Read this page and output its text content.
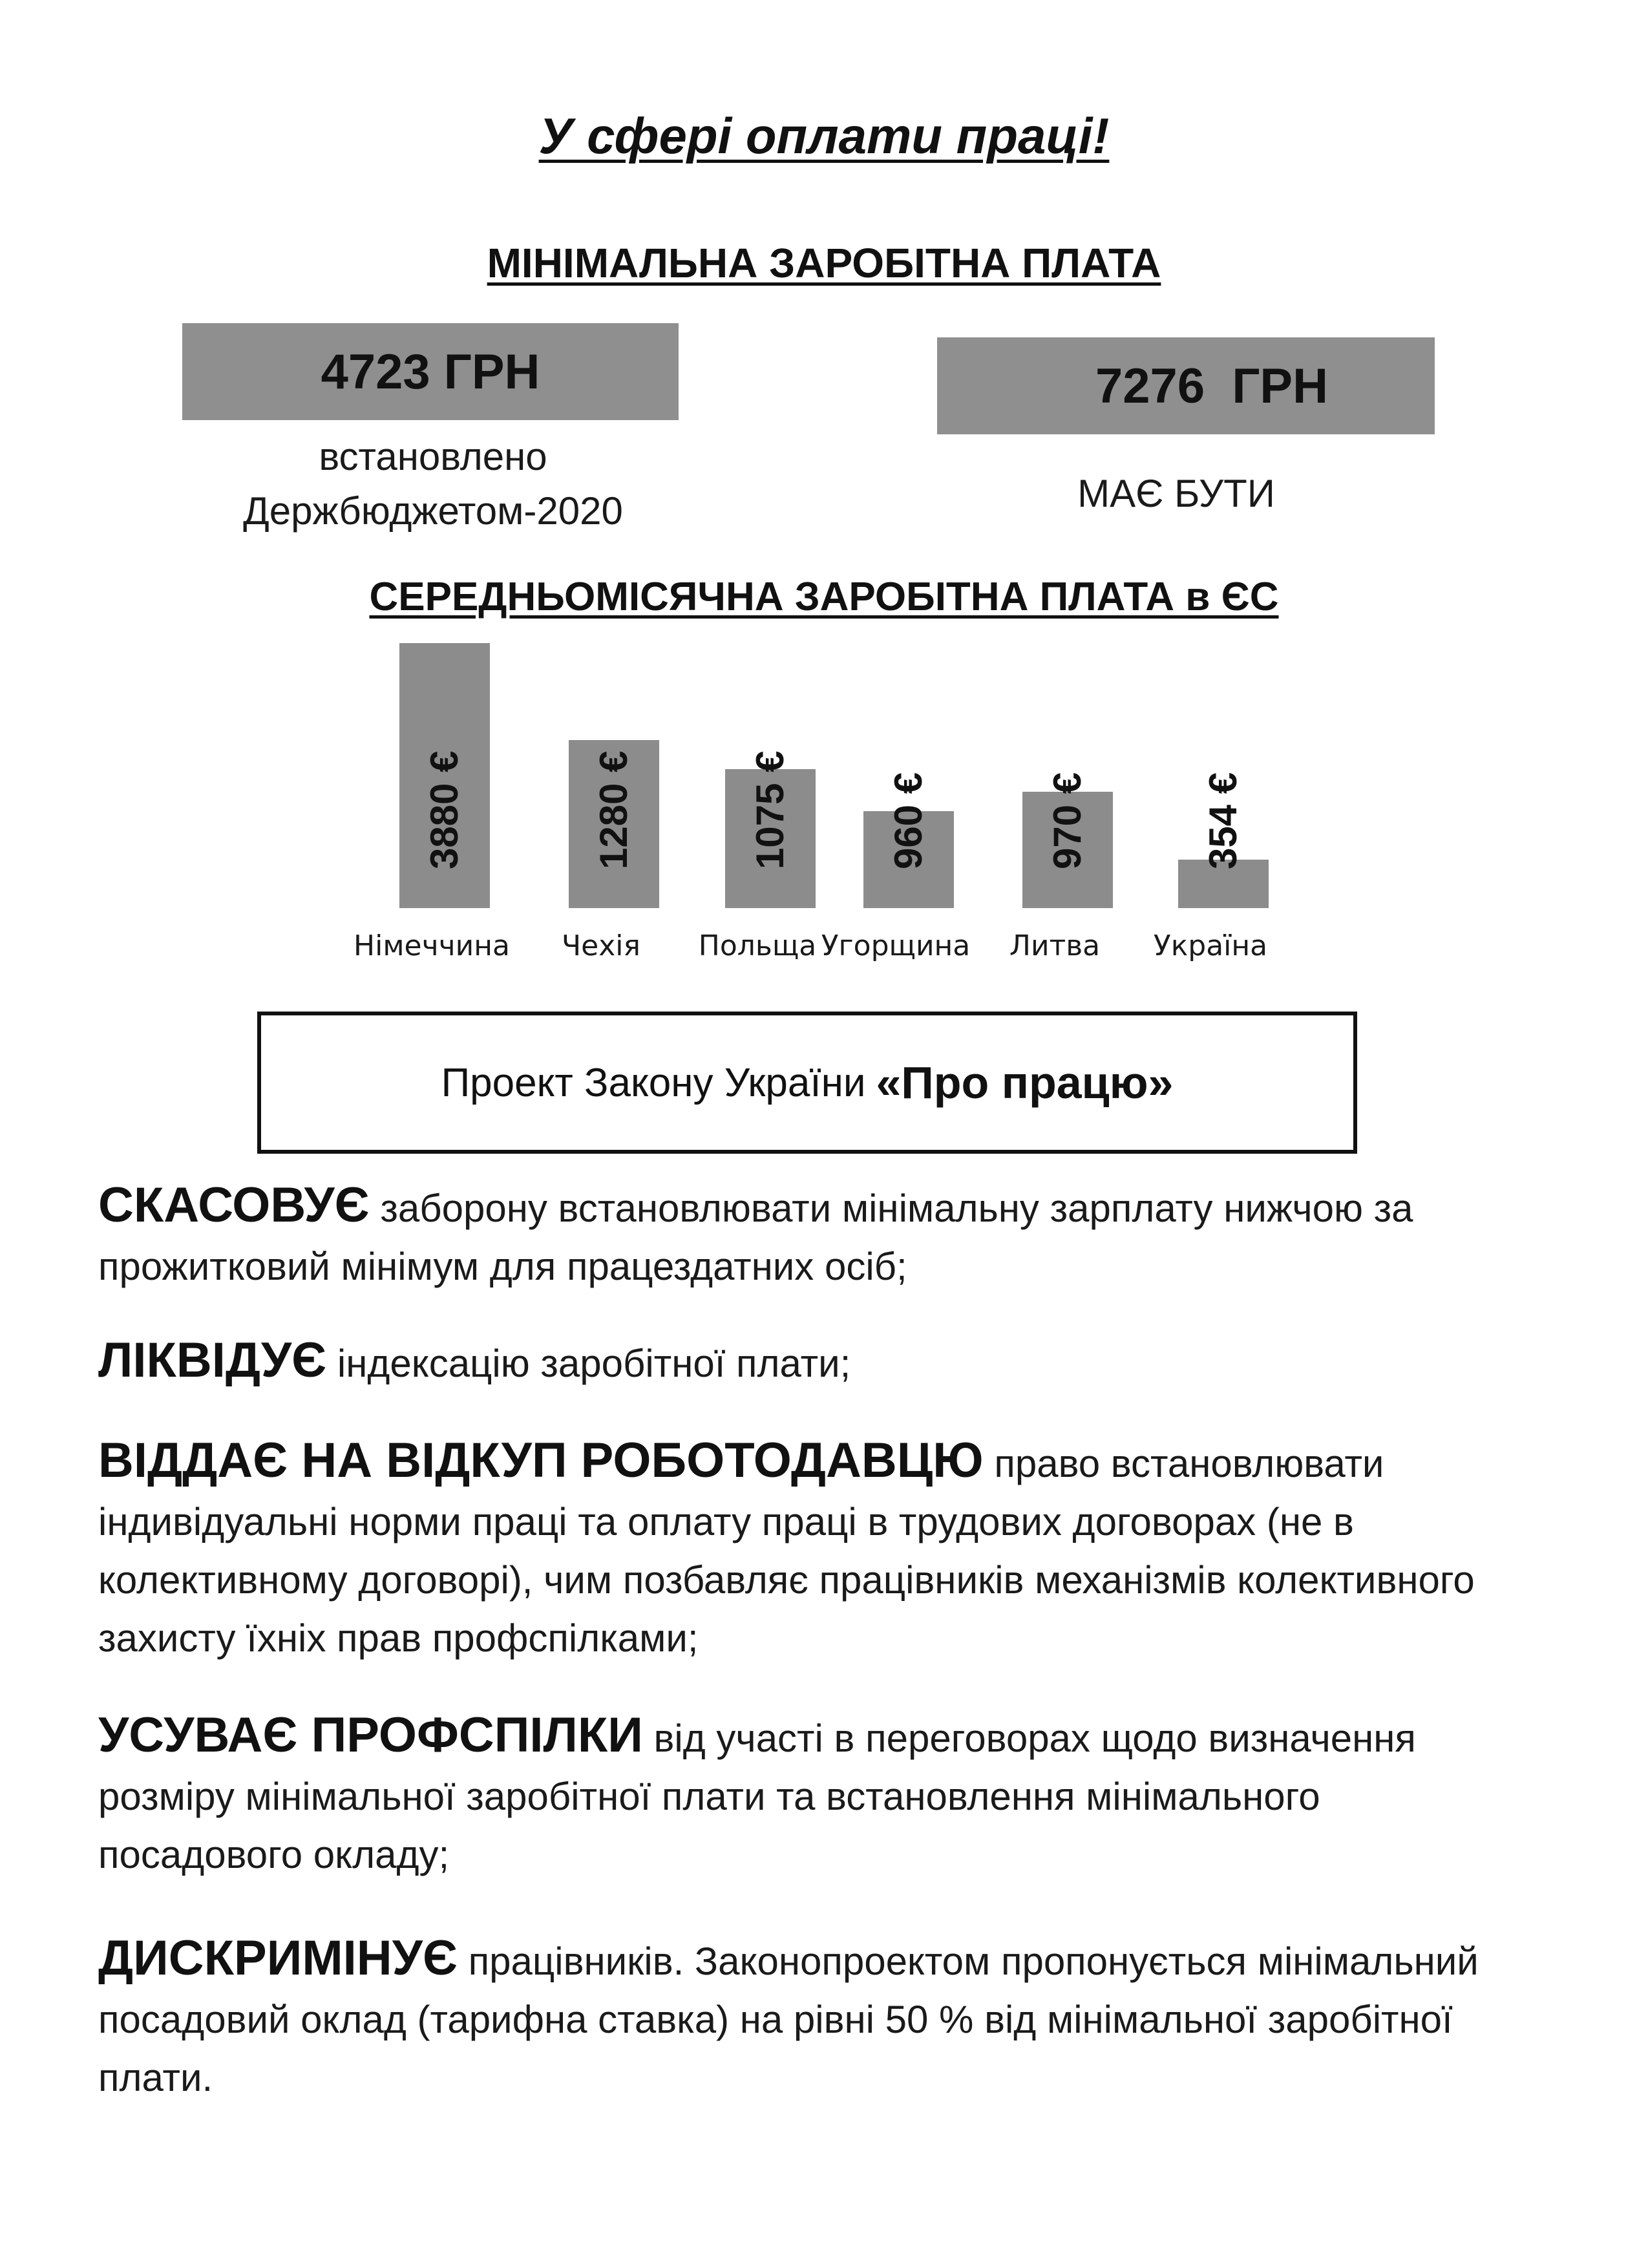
У сфері оплати праці!
МІНІМАЛЬНА ЗАРОБІТНА ПЛАТА
4723 ГРН
встановлено
Держбюджетом-2020
7276  ГРН
МАЄ БУТИ
СЕРЕДНЬОМІСЯЧНА ЗАРОБІТНА ПЛАТА в ЄС
3880 €
Німеччина
1280 €
Чехія
1075 €
Польща
960 €
Угорщина
970 €
Литва
354 €
Україна
Проект Закону України «Про працю»
СКАСОВУЄ заборону встановлювати мінімальну зарплату нижчою за прожитковий мінімум для працездатних осіб;
ЛІКВІДУЄ індексацію заробітної плати;
ВІДДАЄ НА ВІДКУП РОБОТОДАВЦЮ право встановлювати індивідуальні норми праці та оплату праці в трудових договорах (не в колективному договорі), чим позбавляє працівників механізмів колективного захисту їхніх прав профспілками;
УСУВАЄ ПРОФСПІЛКИ від участі в переговорах щодо визначення розміру мінімальної заробітної плати та встановлення мінімального посадового окладу;
ДИСКРИМІНУЄ працівників. Законопроектом пропонується мінімальний посадовий оклад (тарифна ставка) на рівні 50 % від мінімальної заробітної плати.
